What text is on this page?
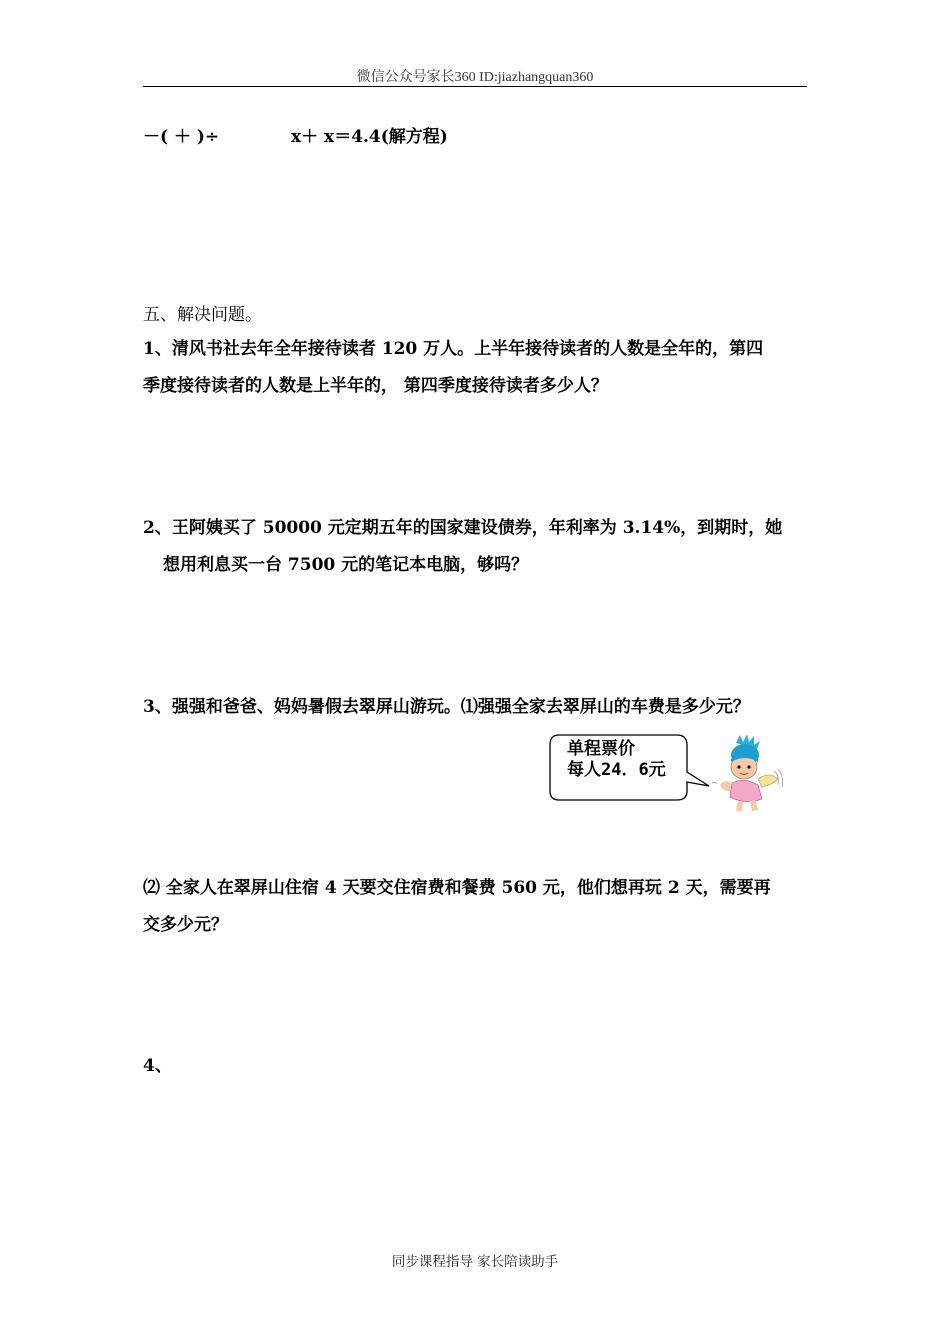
微信公众号家长360 ID:jiazhangquan360
－( ＋ )÷	x＋ x＝4.4(解方程)
五、解决问题。
1、清风书社去年全年接待读者 120 万人。上半年接待读者的人数是全年的，第四
季度接待读者的人数是上半年的， 第四季度接待读者多少人？
2、王阿姨买了 50000 元定期五年的国家建设债券，年利率为 3.14%，到期时，她
想用利息买一台 7500 元的笔记本电脑，够吗？
3、强强和爸爸、妈妈暑假去翠屏山游玩。⑴强强全家去翠屏山的车费是多少元？
单程票价
每人24．6元
⑵ 全家人在翠屏山住宿 4 天要交住宿费和餐费 560 元，他们想再玩 2 天，需要再
交多少元？
4、
同步课程指导 家长陪读助手
